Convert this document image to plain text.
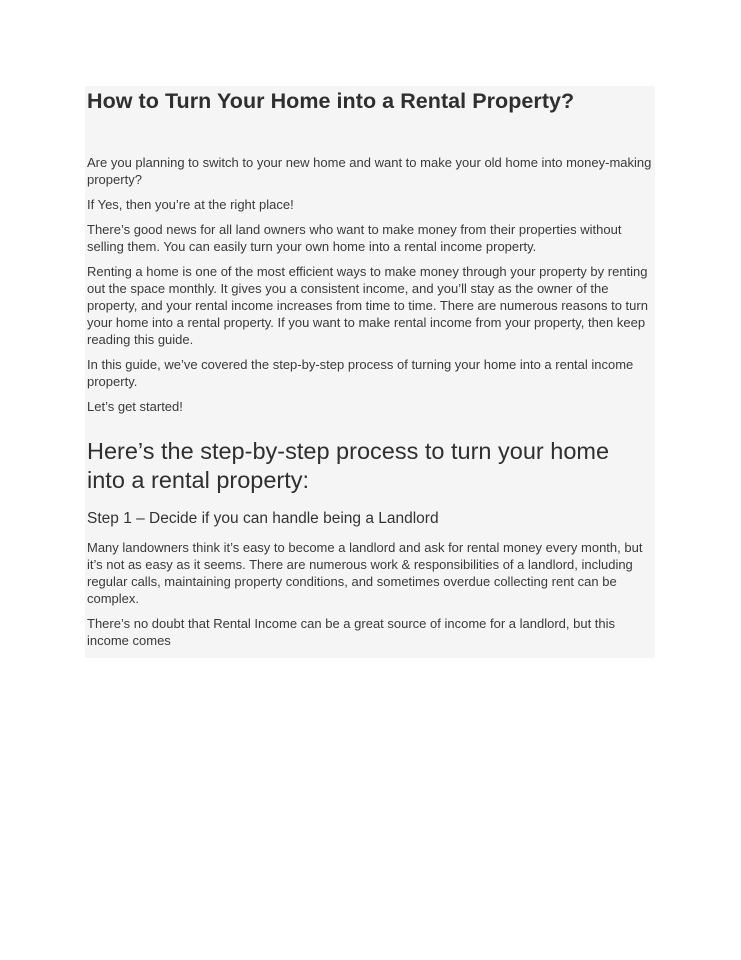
How to Turn Your Home into a Rental Property?

Are you planning to switch to your new home and want to make your old home into money-making property?

If Yes, then you’re at the right place!

There’s good news for all land owners who want to make money from their properties without selling them. You can easily turn your own home into a rental income property.

Renting a home is one of the most efficient ways to make money through your property by renting out the space monthly. It gives you a consistent income, and you’ll stay as the owner of the property, and your rental income increases from time to time. There are numerous reasons to turn your home into a rental property. If you want to make rental income from your property, then keep reading this guide.

In this guide, we’ve covered the step-by-step process of turning your home into a rental income property.

Let’s get started!

Here’s the step-by-step process to turn your home into a rental property:
Step 1 – Decide if you can handle being a Landlord

Many landowners think it’s easy to become a landlord and ask for rental money every month, but it’s not as easy as it seems. There are numerous work & responsibilities of a landlord, including regular calls, maintaining property conditions, and sometimes overdue collecting rent can be complex.

There’s no doubt that Rental Income can be a great source of income for a landlord, but this income comes
